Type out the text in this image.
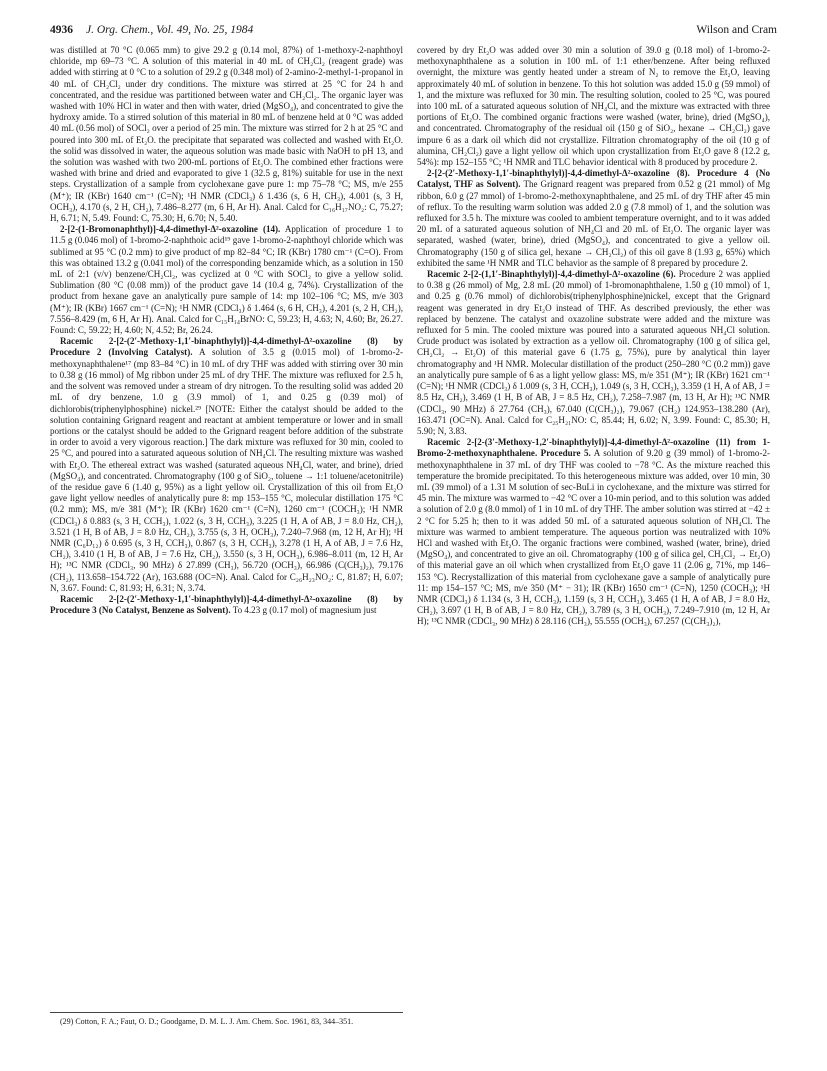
4936 J. Org. Chem., Vol. 49, No. 25, 1984	Wilson and Cram

was distilled at 70 °C (0.065 mm) to give 29.2 g (0.14 mol, 87%) of 1-methoxy-2-naphthoyl chloride, mp 69–73 °C. A solution of this material in 40 mL of CH₂Cl₂ (reagent grade) was added with stirring at 0 °C to a solution of 29.2 g (0.348 mol) of 2-amino-2-methyl-1-propanol in 40 mL of CH₂Cl₂ under dry conditions. The mixture was stirred at 25 °C for 24 h and concentrated, and the residue was partitioned between water and CH₂Cl₂. The organic layer was washed with 10% HCl in water and then with water, dried (MgSO₄), and concentrated to give the hydroxy amide. To a stirred solution of this material in 80 mL of benzene held at 0 °C was added 40 mL (0.56 mol) of SOCl₂ over a period of 25 min. The mixture was stirred for 2 h at 25 °C and poured into 300 mL of Et₂O. the precipitate that separated was collected and washed with Et₂O. the solid was dissolved in water, the aqueous solution was made basic with NaOH to pH 13, and the solution was washed with two 200-mL portions of Et₂O. The combined ether fractions were washed with brine and dried and evaporated to give 1 (32.5 g, 81%) suitable for use in the next steps. Crystallization of a sample from cyclohexane gave pure 1: mp 75–78 °C; MS, m/e 255 (M⁺); IR (KBr) 1640 cm⁻¹ (C=N); ¹H NMR (CDCl₃) δ 1.436 (s, 6 H, CH₃), 4.001 (s, 3 H, OCH₃), 4.170 (s, 2 H, CH₂), 7.486–8.277 (m, 6 H, Ar H). Anal. Calcd for C₁₆H₁₇NO₂: C, 75.27; H, 6.71; N, 5.49. Found: C, 75.30; H, 6.70; N, 5.40.

2-[2-(1-Bromonaphthyl)]-4,4-dimethyl-Δ²-oxazoline (14). Application of procedure 1 to 11.5 g (0.046 mol) of 1-bromo-2-naphthoic acid¹⁹ gave 1-bromo-2-naphthoyl chloride which was sublimed at 95 °C (0.2 mm) to give product of mp 82–84 °C; IR (KBr) 1780 cm⁻¹ (C=O). From this was obtained 13.2 g (0.041 mol) of the corresponding benzamide which, as a solution in 150 mL of 2:1 (v/v) benzene/CH₂Cl₂, was cyclized at 0 °C with SOCl₂ to give a yellow solid. Sublimation (80 °C (0.08 mm)) of the product gave 14 (10.4 g, 74%). Crystallization of the product from hexane gave an analytically pure sample of 14: mp 102–106 °C; MS, m/e 303 (M⁺); IR (KBr) 1667 cm⁻¹ (C=N); ¹H NMR (CDCl₃) δ 1.464 (s, 6 H, CH₃), 4.201 (s, 2 H, CH₂), 7.556–8.429 (m, 6 H, Ar H). Anal. Calcd for C₁₅H₁₄BrNO: C, 59.23; H, 4.63; N, 4.60; Br, 26.27. Found: C, 59.22; H, 4.60; N, 4.52; Br, 26.24.

Racemic 2-[2-(2′-Methoxy-1,1′-binaphthylyl)]-4,4-dimethyl-Δ²-oxazoline (8) by Procedure 2 (Involving Catalyst). A solution of 3.5 g (0.015 mol) of 1-bromo-2-methoxynaphthalene¹⁷ (mp 83–84 °C) in 10 mL of dry THF was added with stirring over 30 min to 0.38 g (16 mmol) of Mg ribbon under 25 mL of dry THF. The mixture was refluxed for 2.5 h, and the solvent was removed under a stream of dry nitrogen. To the resulting solid was added 20 mL of dry benzene, 1.0 g (3.9 mmol) of 1, and 0.25 g (0.39 mol) of dichlorobis(triphenylphosphine) nickel.²⁹ [NOTE: Either the catalyst should be added to the solution containing Grignard reagent and reactant at ambient temperature or lower and in small portions or the catalyst should be added to the Grignard reagent before addition of the substrate in order to avoid a very vigorous reaction.] The dark mixture was refluxed for 30 min, cooled to 25 °C, and poured into a saturated aqueous solution of NH₄Cl. The resulting mixture was washed with Et₂O. The ethereal extract was washed (saturated aqueous NH₄Cl, water, and brine), dried (MgSO₄), and concentrated. Chromatography (100 g of SiO₂, toluene → 1:1 toluene/acetonitrile) of the residue gave 6 (1.40 g, 95%) as a light yellow oil. Crystallization of this oil from Et₂O gave light yellow needles of analytically pure 8: mp 153–155 °C, molecular distillation 175 °C (0.2 mm); MS, m/e 381 (M⁺); IR (KBr) 1620 cm⁻¹ (C=N), 1260 cm⁻¹ (COCH₃); ¹H NMR (CDCl₃) δ 0.883 (s, 3 H, CCH₃), 1.022 (s, 3 H, CCH₃), 3.225 (1 H, A of AB, J = 8.0 Hz, CH₂), 3.521 (1 H, B of AB, J = 8.0 Hz, CH₂), 3.755 (s, 3 H, OCH₃), 7.240–7.968 (m, 12 H, Ar H); ¹H NMR (C₆D₁₂) δ 0.695 (s, 3 H, CCH₃), 0.867 (s, 3 H, CCH₃), 3.278 (1 H, A of AB, J = 7.6 Hz, CH₂), 3.410 (1 H, B of AB, J = 7.6 Hz, CH₂), 3.550 (s, 3 H, OCH₃), 6.986–8.011 (m, 12 H, Ar H); ¹³C NMR (CDCl₃, 90 MHz) δ 27.899 (CH₃), 56.720 (OCH₃), 66.986 (C(CH₃)₂), 79.176 (CH₂), 113.658–154.722 (Ar), 163.688 (OC=N). Anal. Calcd for C₂₆H₂₃NO₂: C, 81.87; H, 6.07; N, 3.67. Found: C, 81.93; H, 6.31; N, 3.74.

Racemic 2-[2-(2′-Methoxy-1,1′-binaphthylyl)]-4,4-dimethyl-Δ²-oxazoline (8) by Procedure 3 (No Catalyst, Benzene as Solvent). To 4.23 g (0.17 mol) of magnesium just

covered by dry Et₂O was added over 30 min a solution of 39.0 g (0.18 mol) of 1-bromo-2-methoxynaphthalene as a solution in 100 mL of 1:1 ether/benzene. After being refluxed overnight, the mixture was gently heated under a stream of N₂ to remove the Et₂O, leaving approximately 40 mL of solution in benzene. To this hot solution was added 15.0 g (59 mmol) of 1, and the mixture was refluxed for 30 min. The resulting solution, cooled to 25 °C, was poured into 100 mL of a saturated aqueous solution of NH₄Cl, and the mixture was extracted with three portions of Et₂O. The combined organic fractions were washed (water, brine), dried (MgSO₄), and concentrated. Chromatography of the residual oil (150 g of SiO₂, hexane → CH₂Cl₂) gave impure 6 as a dark oil which did not crystallize. Filtration chromatography of the oil (10 g of alumina, CH₂Cl₂) gave a light yellow oil which upon crystallization from Et₂O gave 8 (12.2 g, 54%): mp 152–155 °C; ¹H NMR and TLC behavior identical with 8 produced by procedure 2.

2-[2-(2′-Methoxy-1,1′-binaphthylyl)]-4,4-dimethyl-Δ²-oxazoline (8). Procedure 4 (No Catalyst, THF as Solvent). The Grignard reagent was prepared from 0.52 g (21 mmol) of Mg ribbon, 6.0 g (27 mmol) of 1-bromo-2-methoxynaphthalene, and 25 mL of dry THF after 45 min of reflux. To the resulting warm solution was added 2.0 g (7.8 mmol) of 1, and the solution was refluxed for 3.5 h. The mixture was cooled to ambient temperature overnight, and to it was added 20 mL of a saturated aqueous solution of NH₄Cl and 20 mL of Et₂O. The organic layer was separated, washed (water, brine), dried (MgSO₄), and concentrated to give a yellow oil. Chromatography (150 g of silica gel, hexane → CH₂Cl₂) of this oil gave 8 (1.93 g, 65%) which exhibited the same ¹H NMR and TLC behavior as the sample of 8 prepared by procedure 2.

Racemic 2-[2-(1,1′-Binaphthylyl)]-4,4-dimethyl-Δ²-oxazoline (6). Procedure 2 was applied to 0.38 g (26 mmol) of Mg, 2.8 mL (20 mmol) of 1-bromonaphthalene, 1.50 g (10 mmol) of 1, and 0.25 g (0.76 mmol) of dichlorobis(triphenylphosphine)nickel, except that the Grignard reagent was generated in dry Et₂O instead of THF. As described previously, the ether was replaced by benzene. The catalyst and oxazoline substrate were added and the mixture was refluxed for 5 min. The cooled mixture was poured into a saturated aqueous NH₄Cl solution. Crude product was isolated by extraction as a yellow oil. Chromatography (100 g of silica gel, CH₂Cl₂ → Et₂O) of this material gave 6 (1.75 g, 75%), pure by analytical thin layer chromatography and ¹H NMR. Molecular distillation of the product (250–280 °C (0.2 mm)) gave an analytically pure sample of 6 as a light yellow glass: MS, m/e 351 (M⁺); IR (KBr) 1621 cm⁻¹ (C=N); ¹H NMR (CDCl₃) δ 1.009 (s, 3 H, CCH₃), 1.049 (s, 3 H, CCH₃), 3.359 (1 H, A of AB, J = 8.5 Hz, CH₂), 3.469 (1 H, B of AB, J = 8.5 Hz, CH₂), 7.258–7.987 (m, 13 H, Ar H); ¹³C NMR (CDCl₃, 90 MHz) δ 27.764 (CH₃), 67.040 (C(CH₃)₂), 79.067 (CH₂) 124.953–138.280 (Ar), 163.471 (OC=N). Anal. Calcd for C₂₅H₂₁NO: C, 85.44; H, 6.02; N, 3.99. Found: C, 85.30; H, 5.90; N, 3.83.

Racemic 2-[2-(3′-Methoxy-1,2′-binaphthylyl)]-4,4-dimethyl-Δ²-oxazoline (11) from 1-Bromo-2-methoxynaphthalene. Procedure 5. A solution of 9.20 g (39 mmol) of 1-bromo-2-methoxynaphthalene in 37 mL of dry THF was cooled to −78 °C. As the mixture reached this temperature the bromide precipitated. To this heterogeneous mixture was added, over 10 min, 30 mL (39 mmol) of a 1.31 M solution of sec-BuLi in cyclohexane, and the mixture was stirred for 45 min. The mixture was warmed to −42 °C over a 10-min period, and to this solution was added a solution of 2.0 g (8.0 mmol) of 1 in 10 mL of dry THF. The amber solution was stirred at −42 ± 2 °C for 5.25 h; then to it was added 50 mL of a saturated aqueous solution of NH₄Cl. The mixture was warmed to ambient temperature. The aqueous portion was neutralized with 10% HCl and washed with Et₂O. The organic fractions were combined, washed (water, brine), dried (MgSO₄), and concentrated to give an oil. Chromatography (100 g of silica gel, CH₂Cl₂ → Et₂O) of this material gave an oil which when crystallized from Et₂O gave 11 (2.06 g, 71%, mp 146–153 °C). Recrystallization of this material from cyclohexane gave a sample of analytically pure 11: mp 154–157 °C; MS, m/e 350 (M⁺ − 31); IR (KBr) 1650 cm⁻¹ (C=N), 1250 (COCH₃); ¹H NMR (CDCl₃) δ 1.134 (s, 3 H, CCH₃), 1.159 (s, 3 H, CCH₃), 3.465 (1 H, A of AB, J = 8.0 Hz, CH₂), 3.697 (1 H, B of AB, J = 8.0 Hz, CH₂), 3.789 (s, 3 H, OCH₃), 7.249–7.910 (m, 12 H, Ar H); ¹³C NMR (CDCl₃, 90 MHz) δ 28.116 (CH₃), 55.555 (OCH₃), 67.257 (C(CH₃)₂),

(29) Cotton, F. A.; Faut, O. D.; Goodgame, D. M. L. J. Am. Chem. Soc. 1961, 83, 344–351.
